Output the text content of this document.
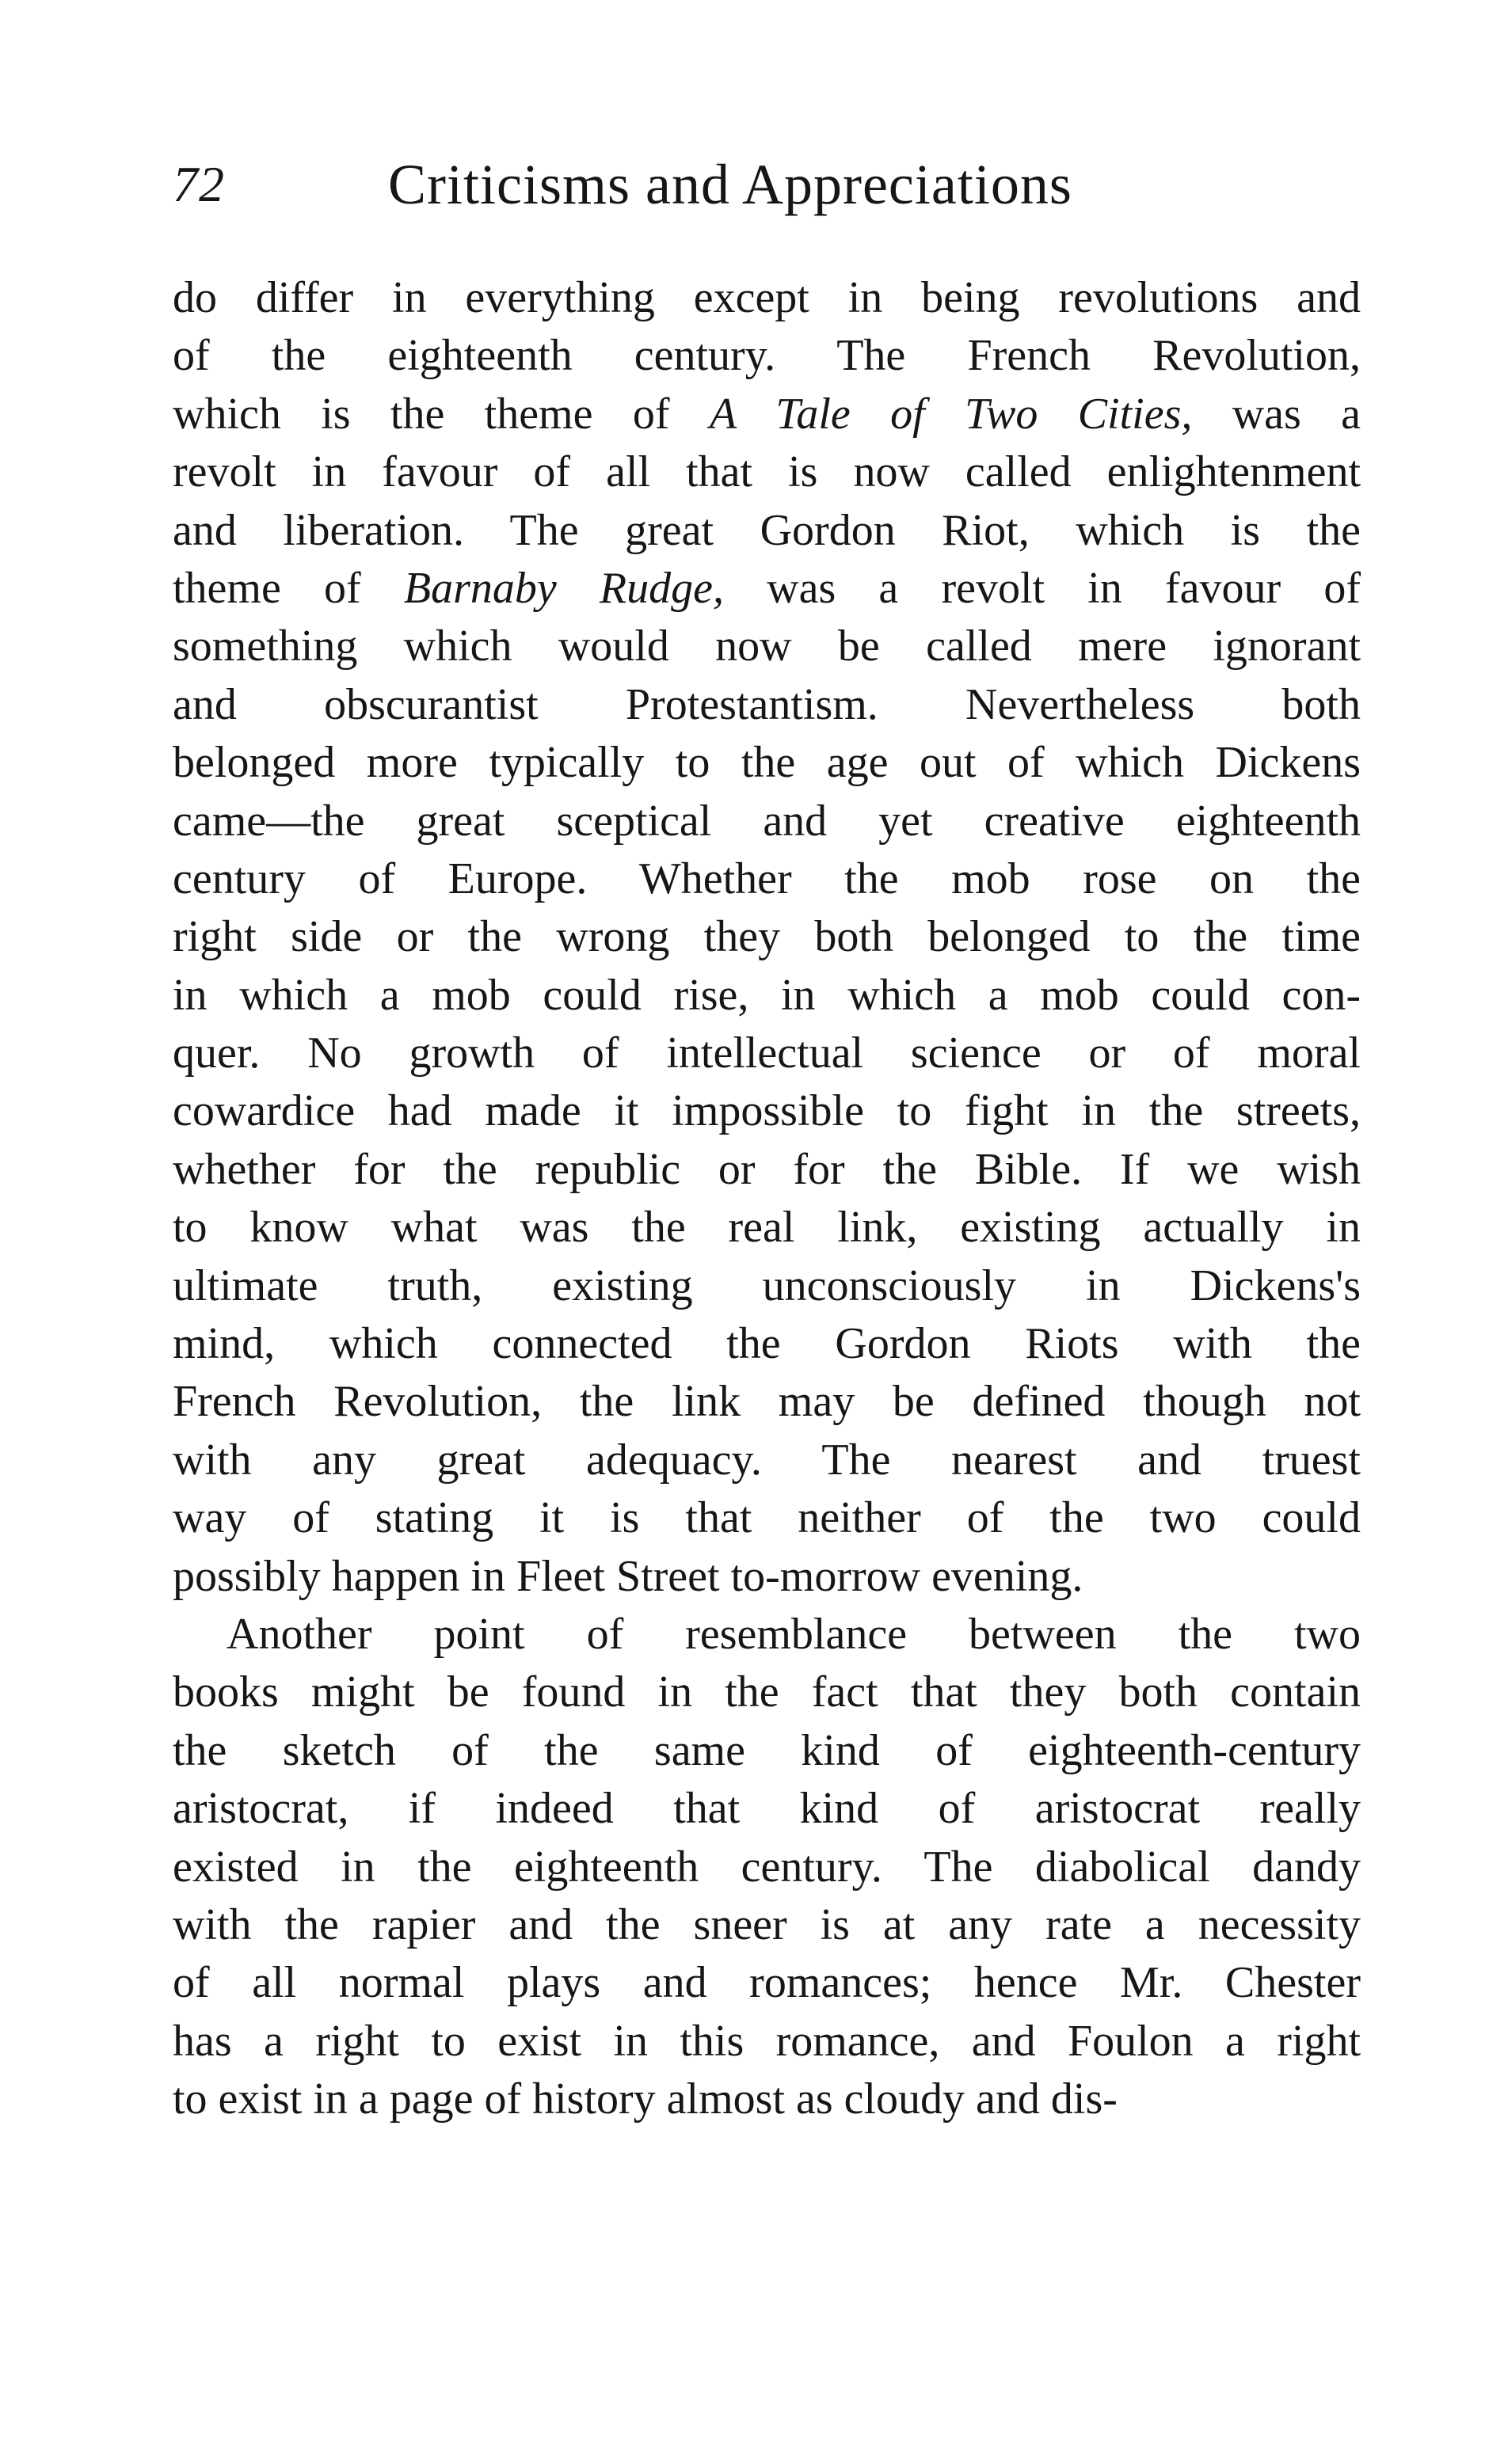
72	Criticisms and Appreciations
do differ in everything except in being revolutions and
of the eighteenth century. The French Revolution,
which is the theme of A Tale of Two Cities, was a
revolt in favour of all that is now called enlightenment
and liberation. The great Gordon Riot, which is the
theme of Barnaby Rudge, was a revolt in favour of
something which would now be called mere ignorant
and obscurantist Protestantism. Nevertheless both
belonged more typically to the age out of which Dickens
came—the great sceptical and yet creative eighteenth
century of Europe. Whether the mob rose on the
right side or the wrong they both belonged to the time
in which a mob could rise, in which a mob could con-
quer. No growth of intellectual science or of moral
cowardice had made it impossible to fight in the streets,
whether for the republic or for the Bible. If we wish
to know what was the real link, existing actually in
ultimate truth, existing unconsciously in Dickens's
mind, which connected the Gordon Riots with the
French Revolution, the link may be defined though not
with any great adequacy. The nearest and truest
way of stating it is that neither of the two could
possibly happen in Fleet Street to-morrow evening.
Another point of resemblance between the two
books might be found in the fact that they both contain
the sketch of the same kind of eighteenth-century
aristocrat, if indeed that kind of aristocrat really
existed in the eighteenth century. The diabolical dandy
with the rapier and the sneer is at any rate a necessity
of all normal plays and romances; hence Mr. Chester
has a right to exist in this romance, and Foulon a right
to exist in a page of history almost as cloudy and dis-
